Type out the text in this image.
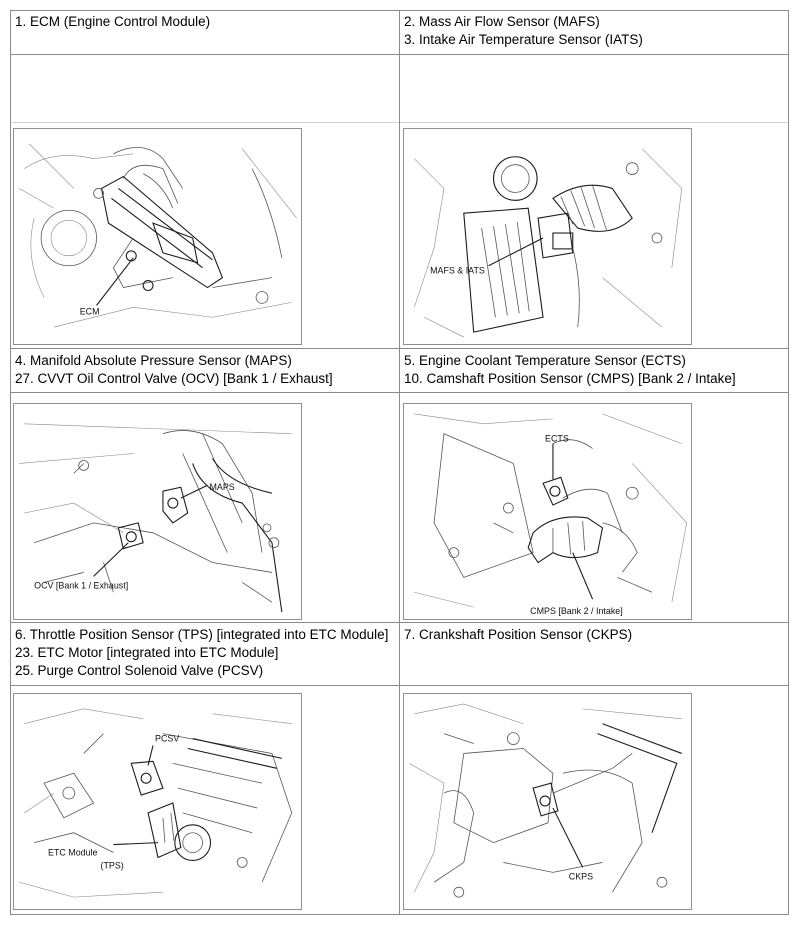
1. ECM (Engine Control Module)	2. Mass Air Flow Sensor (MAFS)
3. Intake Air Temperature Sensor (IATS)
ECM
MAFS & IATS
4. Manifold Absolute Pressure Sensor (MAPS)
27. CVVT Oil Control Valve (OCV) [Bank 1 / Exhaust]
5. Engine Coolant Temperature Sensor (ECTS)
10. Camshaft Position Sensor (CMPS) [Bank 2 / Intake]
MAPS
OCV [Bank 1 / Exhaust]
ECTS
CMPS [Bank 2 / Intake]
6. Throttle Position Sensor (TPS) [integrated into ETC Module]
23. ETC Motor [integrated into ETC Module]
25. Purge Control Solenoid Valve (PCSV)
7. Crankshaft Position Sensor (CKPS)
PCSV
ETC Module
(TPS)
CKPS
